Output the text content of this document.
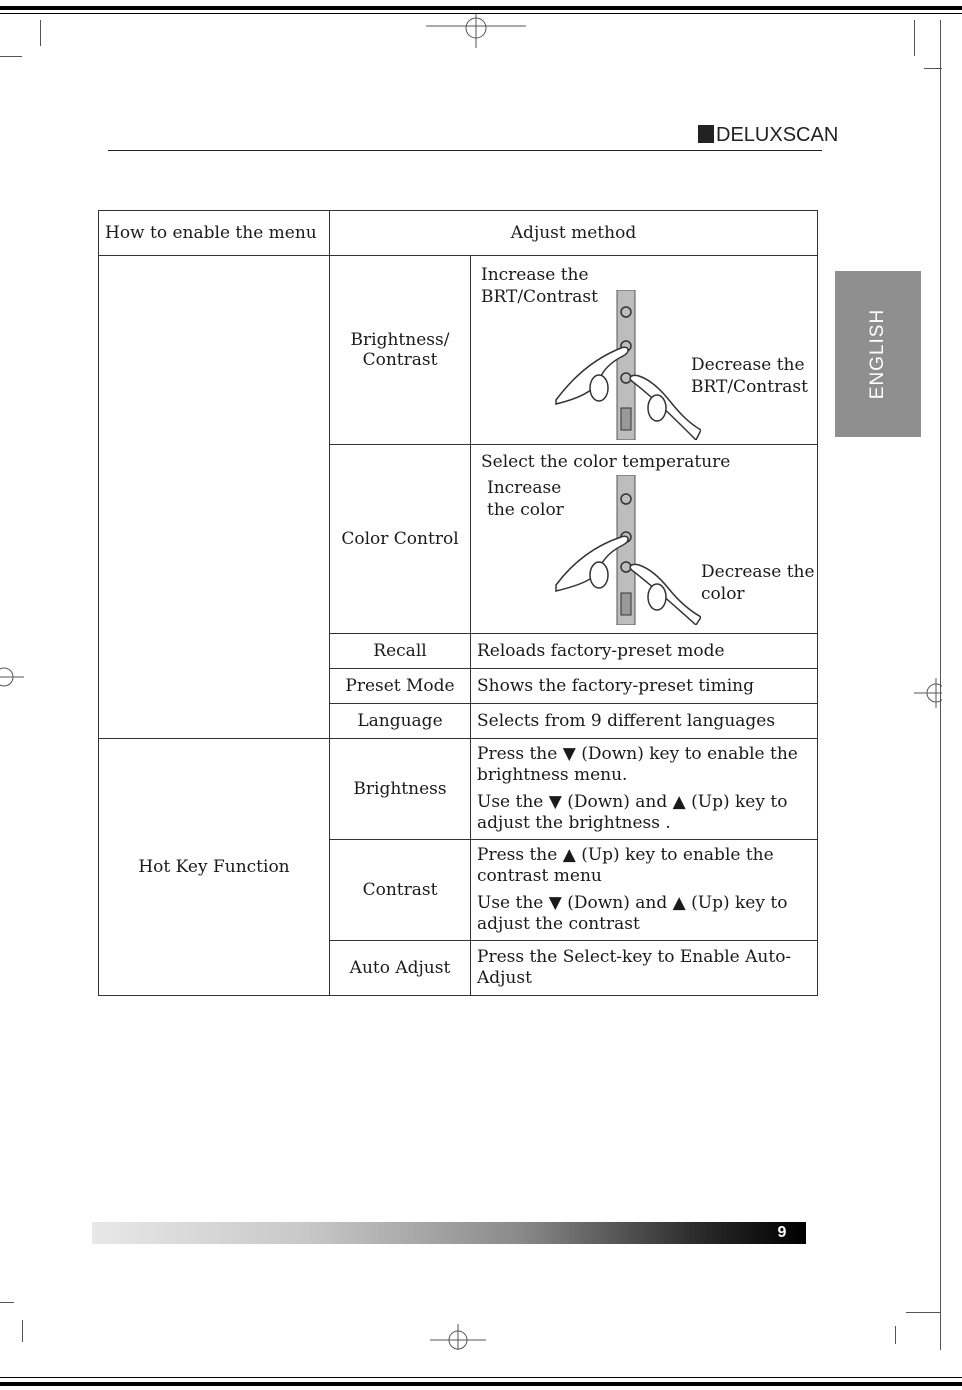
DELUXSCAN
ENGLISH
How to enable the menu	Adjust method	
	Brightness/ Contrast	Increase the BRT/Contrast
Decrease the BRT/Contrast

	Color Control	Select the color temperature
Increase the color
Decrease the color

	Recall	Reloads factory-preset mode
	Preset Mode	Shows the factory-preset timing
	Language	Selects from 9 different languages
Hot Key Function	Brightness	Press the ▼ (Down) key to enable the brightness menu.

Use the ▼ (Down) and ▲ (Up) key to adjust the brightness .

	Contrast	Press the ▲ (Up) key to enable the contrast menu

Use the ▼ (Down) and ▲ (Up) key to adjust the contrast

	Auto Adjust	Press the Select-key to Enable Auto-Adjust
9
